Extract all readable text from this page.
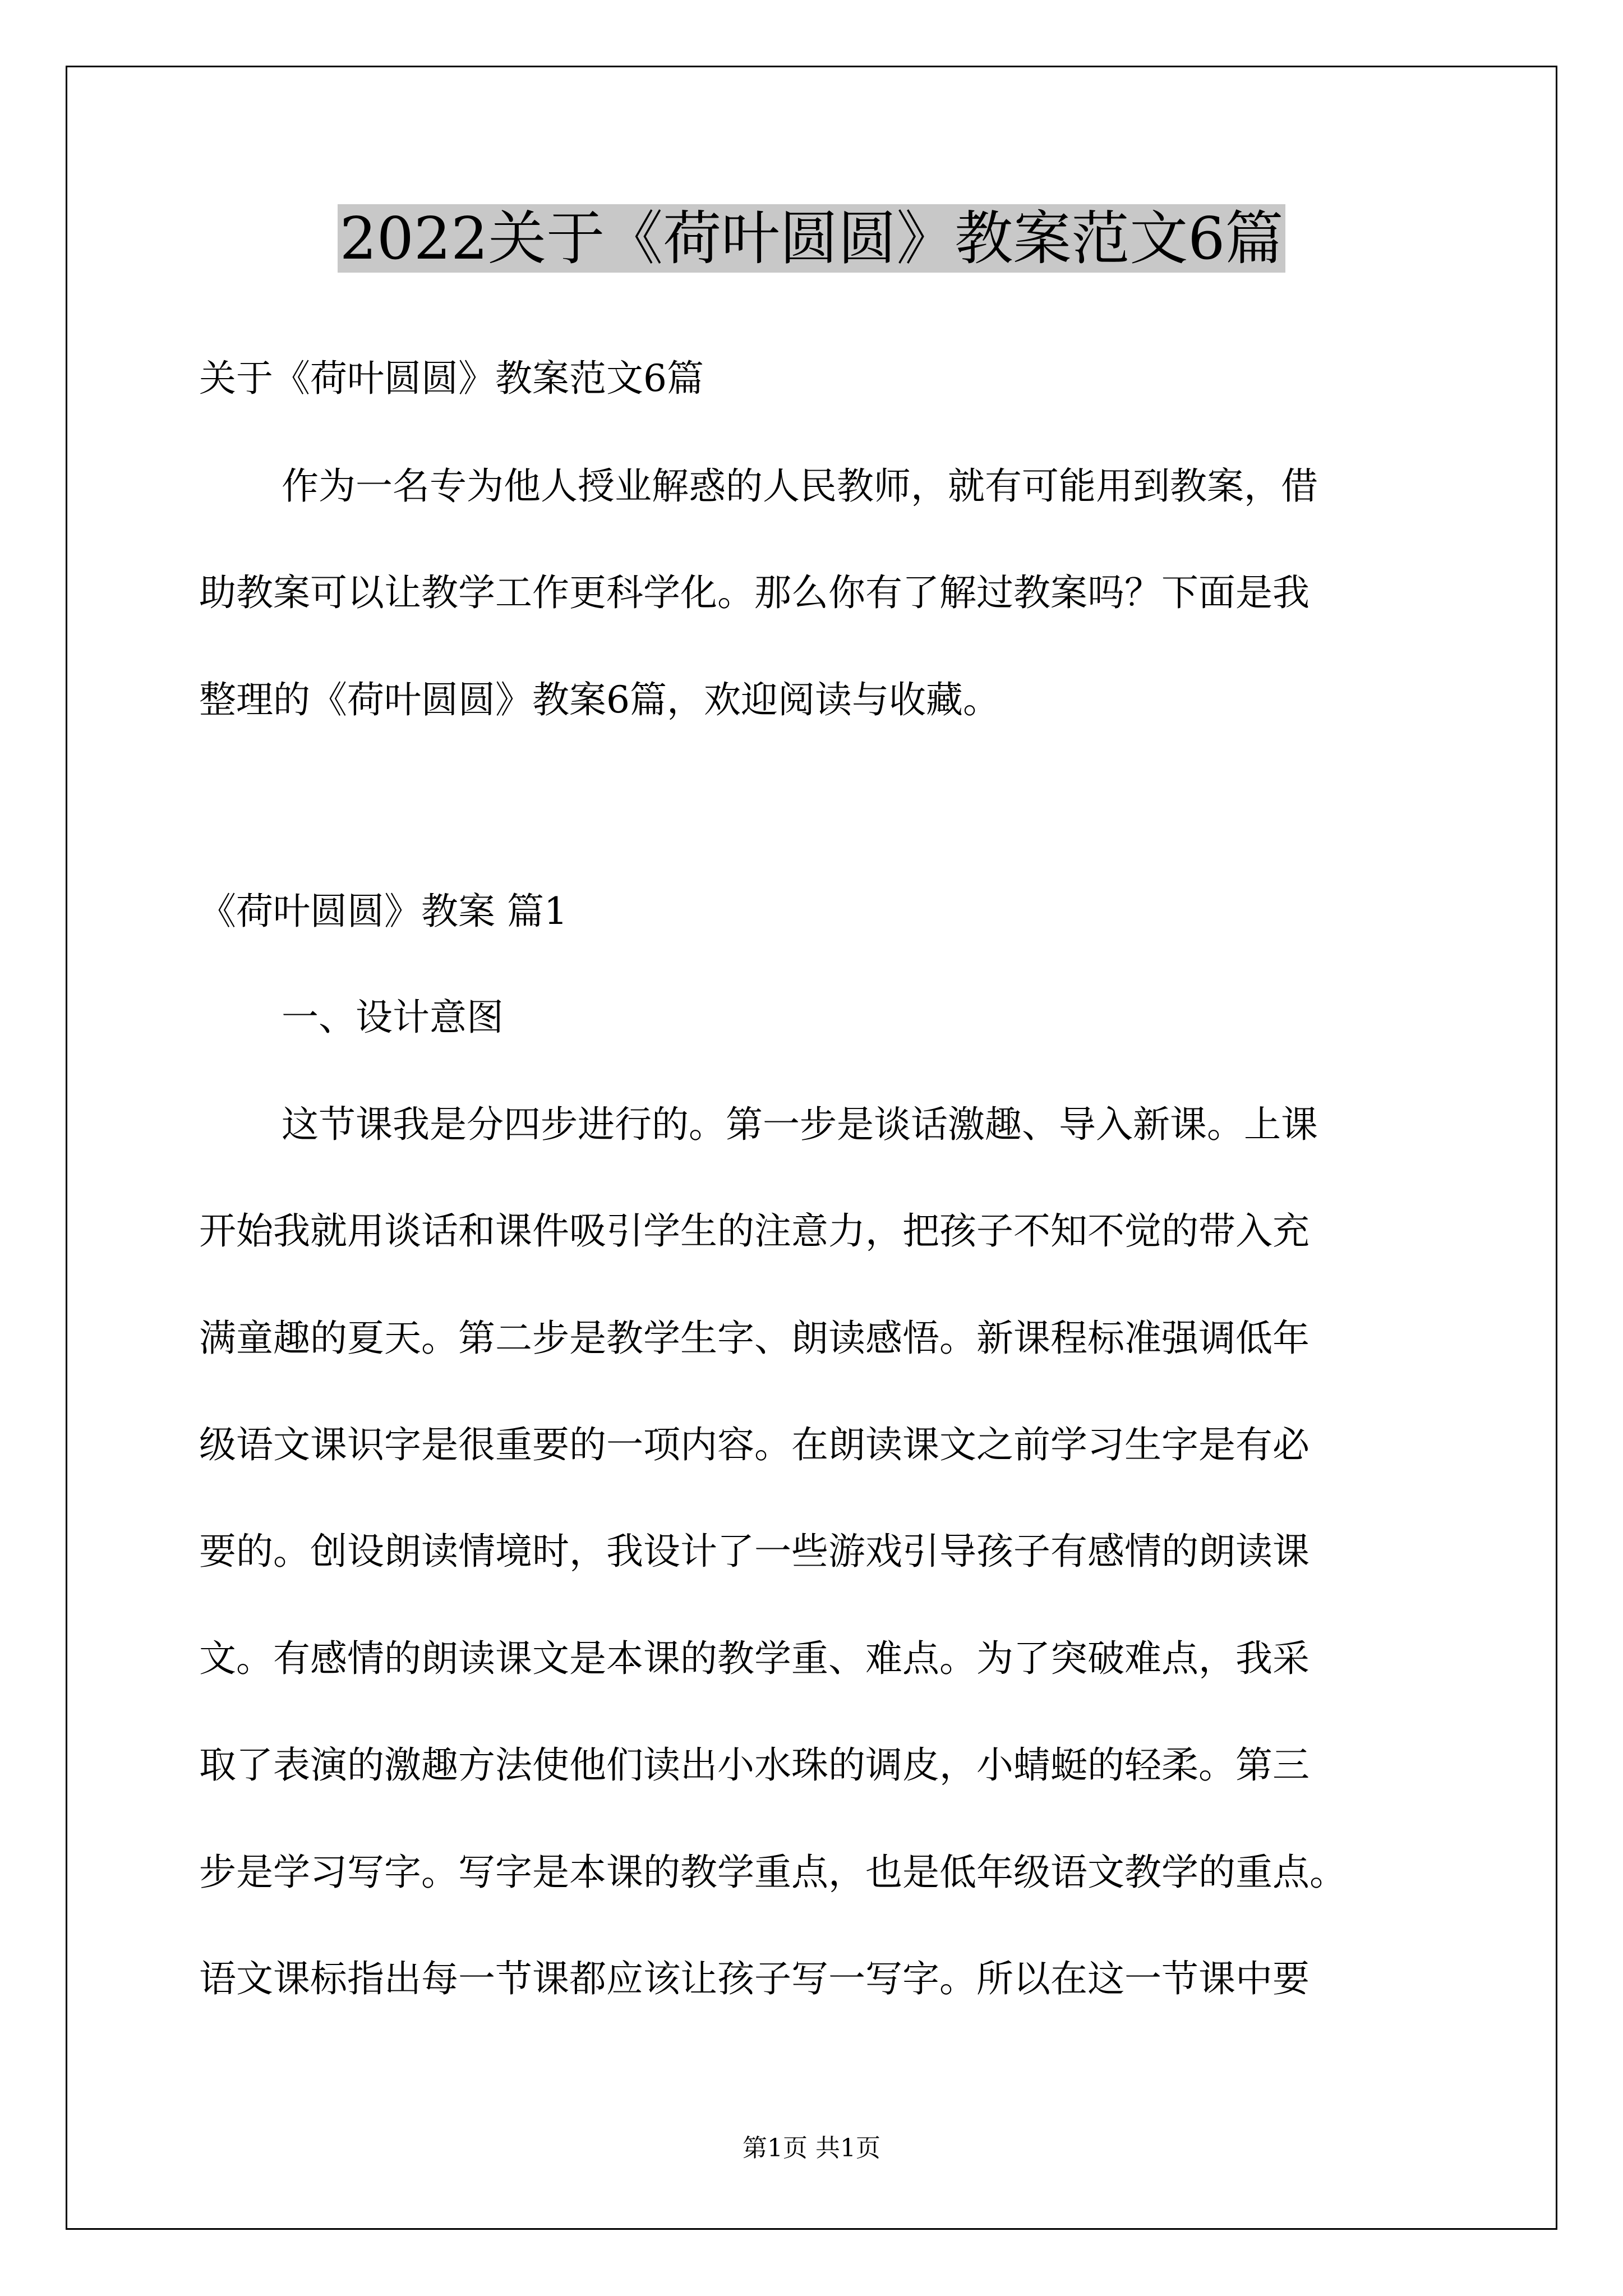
2022关于《荷叶圆圆》教案范文6篇
关于《荷叶圆圆》教案范文6篇
作为一名专为他人授业解惑的人民教师，就有可能用到教案，借
助教案可以让教学工作更科学化。那么你有了解过教案吗？下面是我
整理的《荷叶圆圆》教案6篇，欢迎阅读与收藏。
《荷叶圆圆》教案 篇1
一、设计意图
这节课我是分四步进行的。第一步是谈话激趣、导入新课。上课
开始我就用谈话和课件吸引学生的注意力，把孩子不知不觉的带入充
满童趣的夏天。第二步是教学生字、朗读感悟。新课程标准强调低年
级语文课识字是很重要的一项内容。在朗读课文之前学习生字是有必
要的。创设朗读情境时，我设计了一些游戏引导孩子有感情的朗读课
文。有感情的朗读课文是本课的教学重、难点。为了突破难点，我采
取了表演的激趣方法使他们读出小水珠的调皮，小蜻蜓的轻柔。第三
步是学习写字。写字是本课的教学重点，也是低年级语文教学的重点。
语文课标指出每一节课都应该让孩子写一写字。所以在这一节课中要
第1页 共1页
